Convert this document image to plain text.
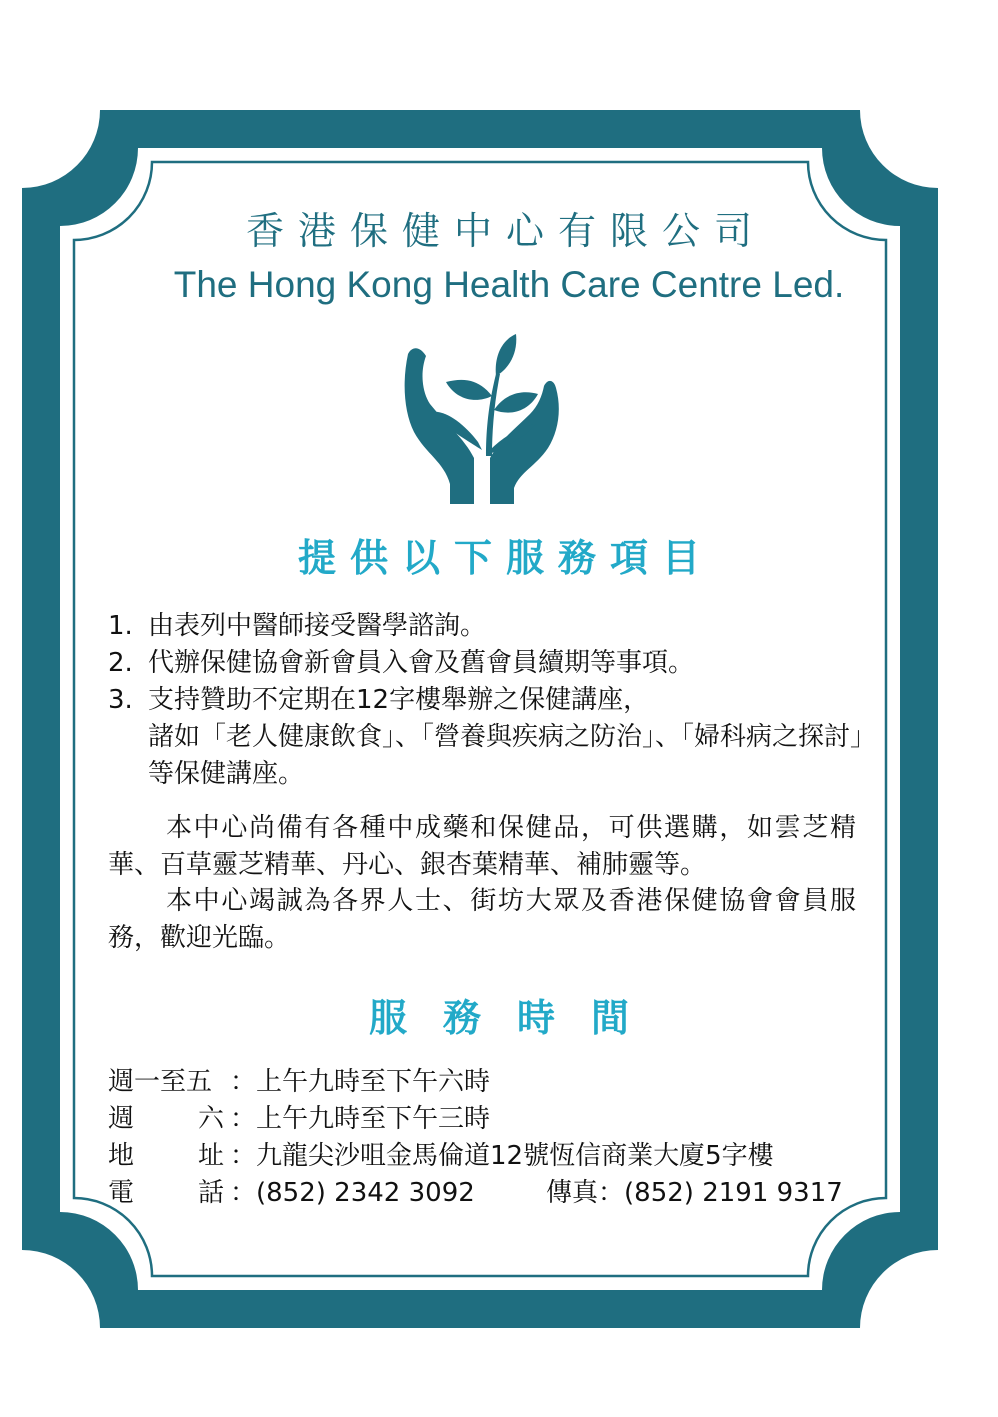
香港保健中心有限公司
The Hong Kong Health Care Centre Led.
提供以下服務項目
1. 由表列中醫師接受醫學諮詢。
2. 代辦保健協會新會員入會及舊會員續期等事項。
3. 支持贊助不定期在12字樓舉辦之保健講座，
諸如「老人健康飲食」、「營養與疾病之防治」、「婦科病之探討」等保健講座。
本中心尚備有各種中成藥和保健品，可供選購，如雲芝精華、百草靈芝精華、丹心、銀杏葉精華、補肺靈等。
本中心竭誠為各界人士、街坊大眾及香港保健協會會員服務，歡迎光臨。
服務時間
週一至五 ： 上午九時至下午六時
週	六 ： 上午九時至下午三時
地	址 ： 九龍尖沙咀金馬倫道12號恆信商業大廈5字樓
電	話 ： (852) 2342 3092	傳真 ： (852) 2191 9317
